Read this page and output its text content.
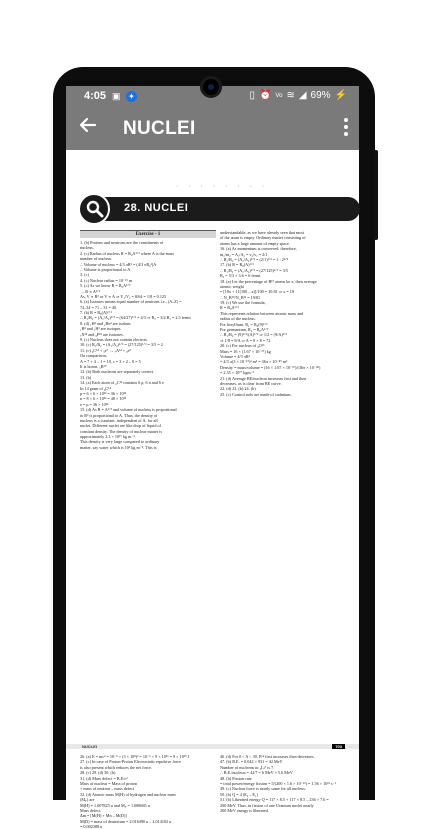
4:05 ▣ ✦	▯ ⏰ Vo ≋ ◢ 69% ⚡
NUCLEI
· · · · · · · ·
28. NUCLEI
Exercise - 1
1. (b) Protons and neutrons are the constituents of
nucleus.
2. (c) Radius of nucleus R = R₀A¹ᐟ³ where A is the mass
number of nucleus.
∴ Volume of nucleus = 4/3 πR³ = (4/3 πR₀³)A
∴ Volume is proportional to A.
3. (c)
4. (c) Nuclear radius = 10⁻¹⁵ m
5. (c) As we know R = R₀A¹ᐟ³
→ R ∝ A¹ᐟ³
As, V ∝ R³ or V ∝ A ⇒ V₁/V₂ = 8/64 = 1/8 = 0.125
6. (a) Isotones means equal number of neutrons i.e., (A–Z) =
74–34 = 71 – 31 = 40.
7. (b) R = R₀(A)¹ᐟ³
∴ R₁/R₂ = (A₁/A₂)¹ᐟ³ = (64/27)¹ᐟ³ = 4/3 ⇒ R₂ = 3/4 R₁ = 2.5 fermi
8. (d) ₁H³ and ₂He³ are isobars
₁H² and ₁H³ are isotopes
₇N¹⁴ and ₉F¹⁸ are isotones.
9. (c) Nucleus does not contain electron.
10. (c) R₁/R₂ = (A₁/A₂)¹ᐟ³ = (27/125)¹ᐟ³ = 3/5 = 2
11. (c) ₆C¹⁴ + ₃e° → ₇A¹⁴ + ₀e⁰
On comparison,
A = 7 + 4 – 1 = 10, c = 3 + 2 – 0 = 5
It is boron, ₅B¹⁰
12. (b) Both nucleons are separately correct.
13. (b)
14. (a) Each atom of ₆C¹² contains 6 p, 6 n and 6 e
In 14 gram of ₆C¹⁴
p = 6 × 6 × 10²³ = 36 × 10²³
n = 8 × 6 × 10²³ = 48 × 10²³
e = p = 36 × 10²³
15. (d) As R = A¹ᐟ³ and volume of nucleus is proportional
to R³ is proportional to A. Thus, the density of
nucleus is a constant, independent of A, for all
nuclei. Different nuclei are like drop of liquid of
constant density. The density of nuclear matter is
approximately 2.3 × 10¹⁷ kg m⁻³.
This density is very large compared to ordinary
matter, say water which is 10³ kg m⁻³. This is
understandable, as we have already seen that most
of the atom is empty. Ordinary matter consisting of
atoms has a large amount of empty space.
16. (a) As momentum is conserved, therefore,
m₁/m₂ = A₁/A₂ = v₂/v₁ = 2/1
∴ R₁/R₂ = (A₁/A₂)¹ᐟ³ = (2/1)¹ᐟ³ = 1 : 2¹ᐟ³
17. (b) R = R₀(A)¹ᐟ³
∴ R₁/R₂ = (A₁/A₂)¹ᐟ³ = (27/125)¹ᐟ³ = 3/5
R₂ = 5/3 × 3.6 = 6 fermi.
18. (a) Let the percentage of B¹⁰ atoms be x, then average
atomic weight
= [10x + 11(100 – x)]/100 = 10.81 ⇒ x = 19
∴ N_B¹⁰/N_B¹¹ = 19/81
19. (c) We use the formula,
R = R₀A¹ᐟ³
This represents relation between atomic mass and
radius of the nucleus.
For beryllium, R₁ = R₀(9)¹ᐟ³
For germanium, R₂ = R₀A¹ᐟ³
∴ R₁/R₂ = (9)¹ᐟ³/(A)¹ᐟ³ ⇒ 1/2 = (9/A)¹ᐟ³
⇒ 1/8 = 9/A ⇒ A = 9 × 8 = 72.
20. (c) For nucleus of ₈O¹⁶
Mass = 16 × (1.67 × 10⁻²⁷) kg
Volume = 4/3 πR³
= 4/3 π(3 × 10⁻¹⁵)³ m³ = 36π × 10⁻⁴⁵ m³
Density = mass/volume = (16 × 1.67 × 10⁻²⁷)/(36π × 10⁻⁴⁵)
= 2.35 × 10¹⁷ kgm⁻³
21. (d) Average BE/nucleon increases first and then
decreases, as is clear from BE curve.
22. (d) 23. (b) 24. (b)
25. (c) Control rods are made of cadmium.
NUCLEI	703
26. (a) E = mc² = 10⁻⁶ × (3 × 10⁸)² = 10⁻⁶ × 9 × 10¹⁶ = 9 × 10¹⁰ J
27. (c) In case of Proton-Proton Electrostatic repulsive force
is also present which reduces the net force.
28. (c) 29. (d) 30. (b)
31. (d) Mass defect = B.E/c²
Mass of nucleus = Mass of proton
+ mass of neutron – mass defect
32. (d) Atomic mass M(H) of hydrogen and nuclear mass
(Mₚ) are
M(H) = 1.007825 u and Mₚ = 1.008665 u
Mass defect,
Δm = [M(H) + Mn – M(D)]
M(D) = mass of deuterium = 2.016490 u – 2.014102 u
= 0.002388 u
46. (d) For 0 < A < 30, Eᵇⁿ first increases then decreases.
47. (b) B.E. = 0.042 × 931 = 42 MeV
Number of nucleons in ₃Li⁷ is 7.
∴ B.E./nucleon = 42/7 = 6 MeV ≈ 5.6 MeV
48. (b) Fission rate
= total power/energy fission = 5/(200 × 1.6 × 10⁻¹³) = 1.56 × 10¹³ s⁻¹
49. (c) Nuclear force is nearly same for all nucleus.
50. (b) Q = 4 (E₂ – E₁)
51. (b) Liberated energy Q = 117 × 8.5 + 117 × 8.5 – 236 × 7.6 =
200 MeV. Thus, in fission of one Uranium nuclei nearly
200 MeV energy is liberated.
